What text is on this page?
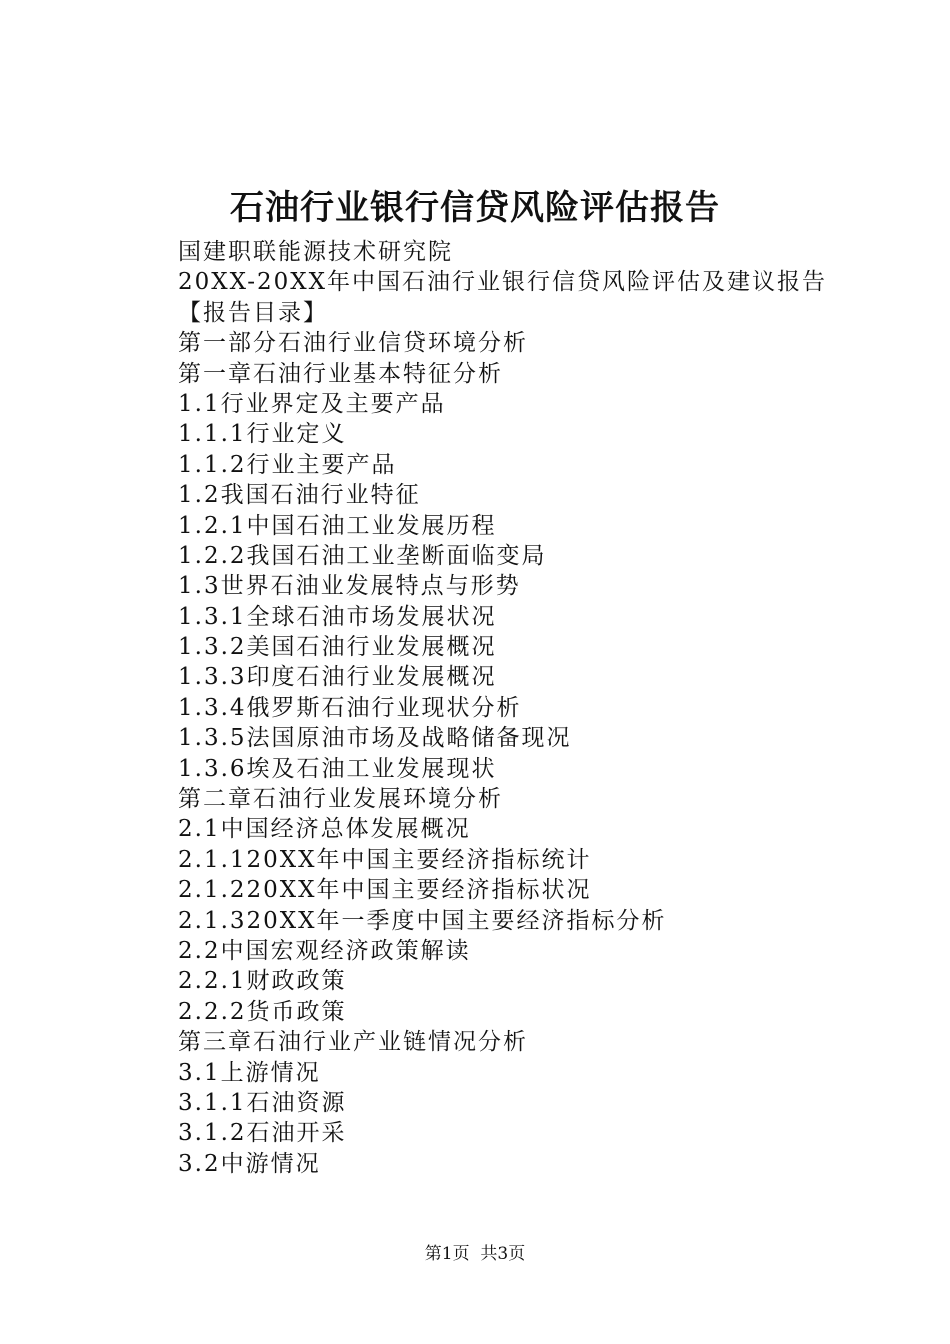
石油行业银行信贷风险评估报告
国建职联能源技术研究院
20XX-20XX年中国石油行业银行信贷风险评估及建议报告
【报告目录】
第一部分石油行业信贷环境分析
第一章石油行业基本特征分析
1.1行业界定及主要产品
1.1.1行业定义
1.1.2行业主要产品
1.2我国石油行业特征
1.2.1中国石油工业发展历程
1.2.2我国石油工业垄断面临变局
1.3世界石油业发展特点与形势
1.3.1全球石油市场发展状况
1.3.2美国石油行业发展概况
1.3.3印度石油行业发展概况
1.3.4俄罗斯石油行业现状分析
1.3.5法国原油市场及战略储备现况
1.3.6埃及石油工业发展现状
第二章石油行业发展环境分析
2.1中国经济总体发展概况
2.1.120XX年中国主要经济指标统计
2.1.220XX年中国主要经济指标状况
2.1.320XX年一季度中国主要经济指标分析
2.2中国宏观经济政策解读
2.2.1财政政策
2.2.2货币政策
第三章石油行业产业链情况分析
3.1上游情况
3.1.1石油资源
3.1.2石油开采
3.2中游情况
第1页  共3页
